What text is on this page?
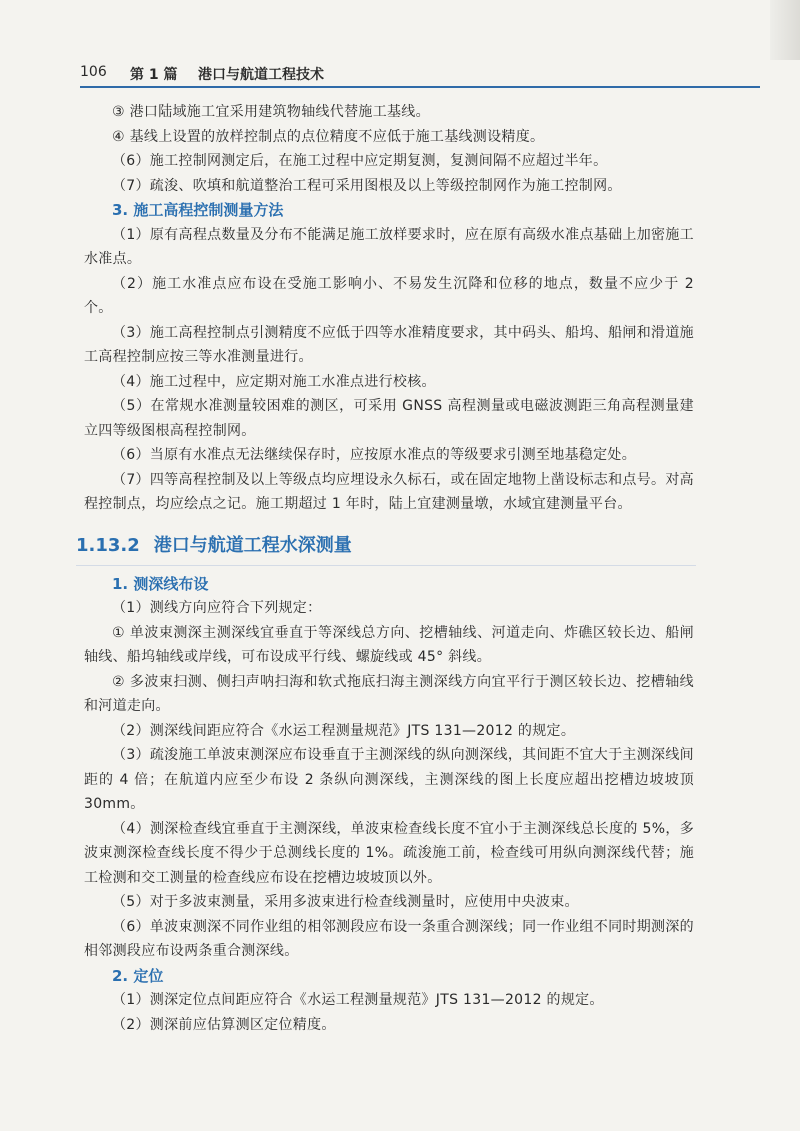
106 第 1 篇 港口与航道工程技术

③ 港口陆域施工宜采用建筑物轴线代替施工基线。

④ 基线上设置的放样控制点的点位精度不应低于施工基线测设精度。

（6）施工控制网测定后，在施工过程中应定期复测，复测间隔不应超过半年。

（7）疏浚、吹填和航道整治工程可采用图根及以上等级控制网作为施工控制网。

3. 施工高程控制测量方法

（1）原有高程点数量及分布不能满足施工放样要求时，应在原有高级水准点基础上加密施工水准点。

（2）施工水准点应布设在受施工影响小、不易发生沉降和位移的地点，数量不应少于 2 个。

（3）施工高程控制点引测精度不应低于四等水准精度要求，其中码头、船坞、船闸和滑道施工高程控制应按三等水准测量进行。

（4）施工过程中，应定期对施工水准点进行校核。

（5）在常规水准测量较困难的测区，可采用 GNSS 高程测量或电磁波测距三角高程测量建立四等级图根高程控制网。

（6）当原有水准点无法继续保存时，应按原水准点的等级要求引测至地基稳定处。

（7）四等高程控制及以上等级点均应埋设永久标石，或在固定地物上凿设标志和点号。对高程控制点，均应绘点之记。施工期超过 1 年时，陆上宜建测量墩，水域宜建测量平台。

1.13.2 港口与航道工程水深测量
1. 测深线布设

（1）测线方向应符合下列规定：

① 单波束测深主测深线宜垂直于等深线总方向、挖槽轴线、河道走向、炸礁区较长边、船闸轴线、船坞轴线或岸线，可布设成平行线、螺旋线或 45° 斜线。

② 多波束扫测、侧扫声呐扫海和软式拖底扫海主测深线方向宜平行于测区较长边、挖槽轴线和河道走向。

（2）测深线间距应符合《水运工程测量规范》JTS 131—2012 的规定。

（3）疏浚施工单波束测深应布设垂直于主测深线的纵向测深线，其间距不宜大于主测深线间距的 4 倍；在航道内应至少布设 2 条纵向测深线，主测深线的图上长度应超出挖槽边坡坡顶 30mm。

（4）测深检查线宜垂直于主测深线，单波束检查线长度不宜小于主测深线总长度的 5%，多波束测深检查线长度不得少于总测线长度的 1%。疏浚施工前，检查线可用纵向测深线代替；施工检测和交工测量的检查线应布设在挖槽边坡坡顶以外。

（5）对于多波束测量，采用多波束进行检查线测量时，应使用中央波束。

（6）单波束测深不同作业组的相邻测段应布设一条重合测深线；同一作业组不同时期测深的相邻测段应布设两条重合测深线。

2. 定位

（1）测深定位点间距应符合《水运工程测量规范》JTS 131—2012 的规定。

（2）测深前应估算测区定位精度。
